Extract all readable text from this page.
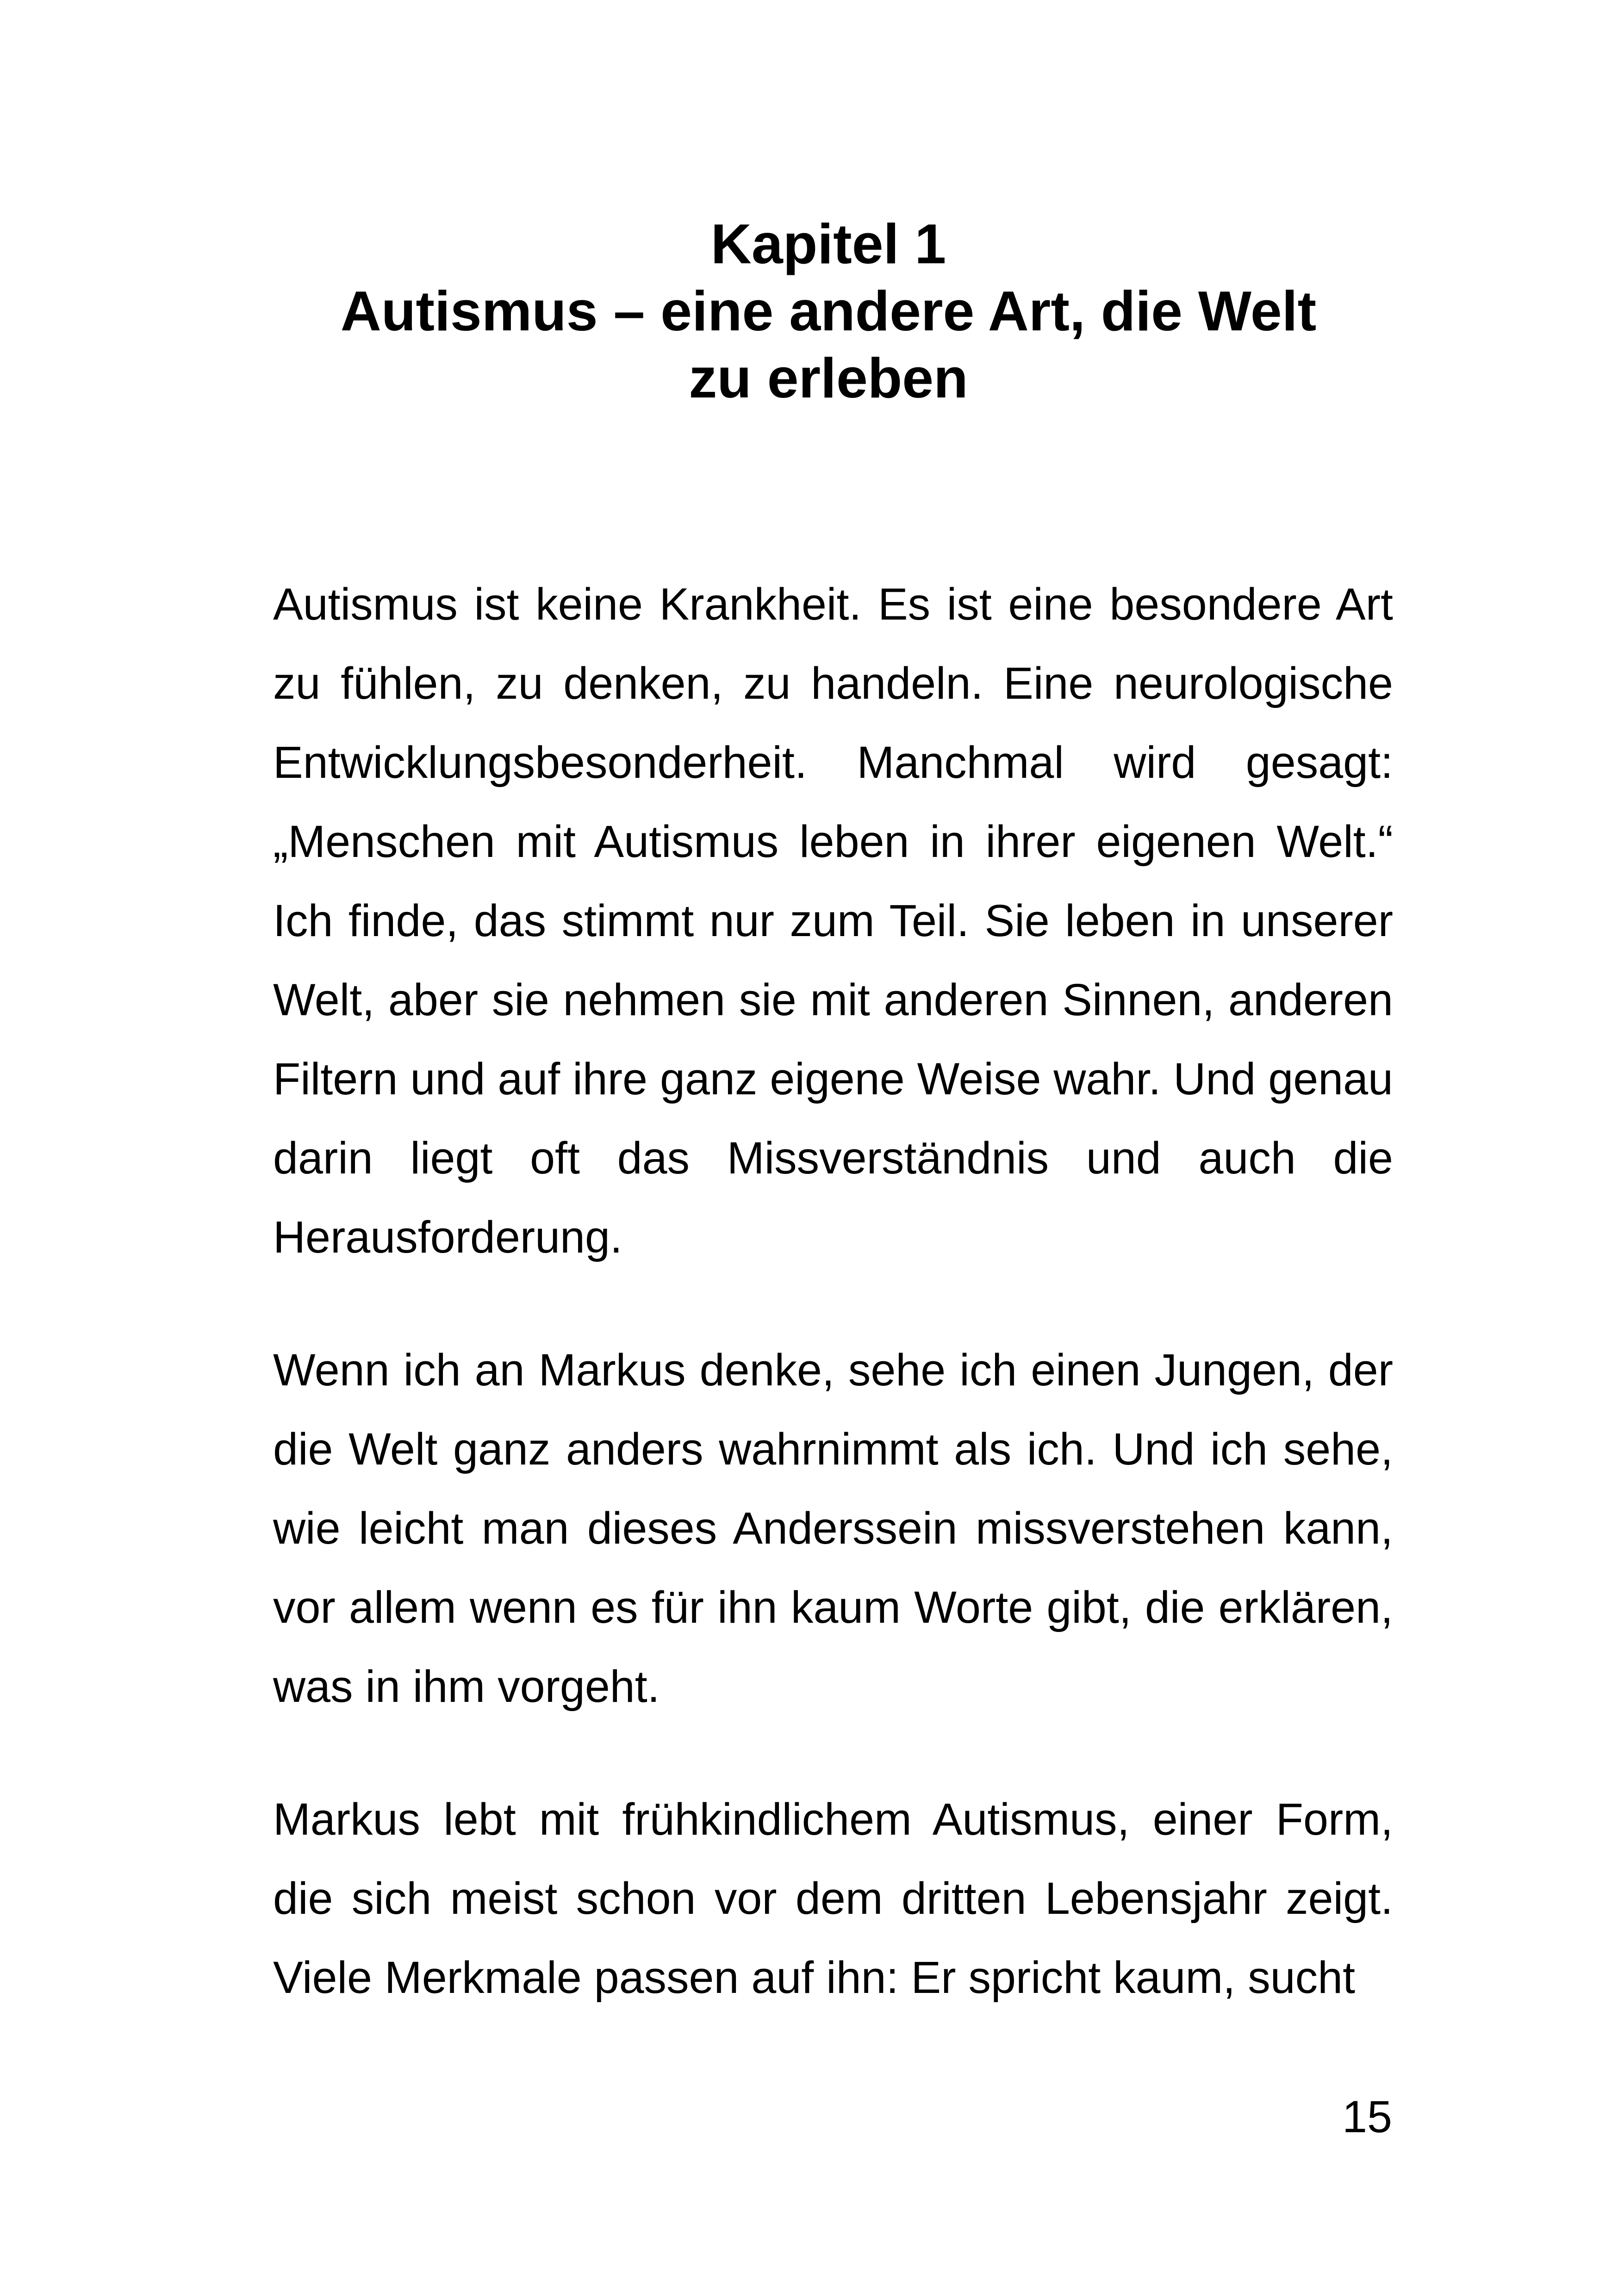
Kapitel 1
Autismus – eine andere Art, die Welt
zu erleben

Autismus ist keine Krankheit. Es ist eine besondere Art zu fühlen, zu denken, zu handeln. Eine neurologische Entwicklungsbesonderheit. Manchmal wird gesagt: „Menschen mit Autismus leben in ihrer eigenen Welt.“ Ich finde, das stimmt nur zum Teil. Sie leben in unserer Welt, aber sie nehmen sie mit anderen Sinnen, anderen Filtern und auf ihre ganz eigene Weise wahr. Und genau darin liegt oft das Missverständnis und auch die Herausforderung.

Wenn ich an Markus denke, sehe ich einen Jungen, der die Welt ganz anders wahrnimmt als ich. Und ich sehe, wie leicht man dieses Anderssein missverstehen kann, vor allem wenn es für ihn kaum Worte gibt, die erklären, was in ihm vorgeht.

Markus lebt mit frühkindlichem Autismus, einer Form, die sich meist schon vor dem dritten Lebensjahr zeigt. Viele Merkmale passen auf ihn: Er spricht kaum, sucht

15
